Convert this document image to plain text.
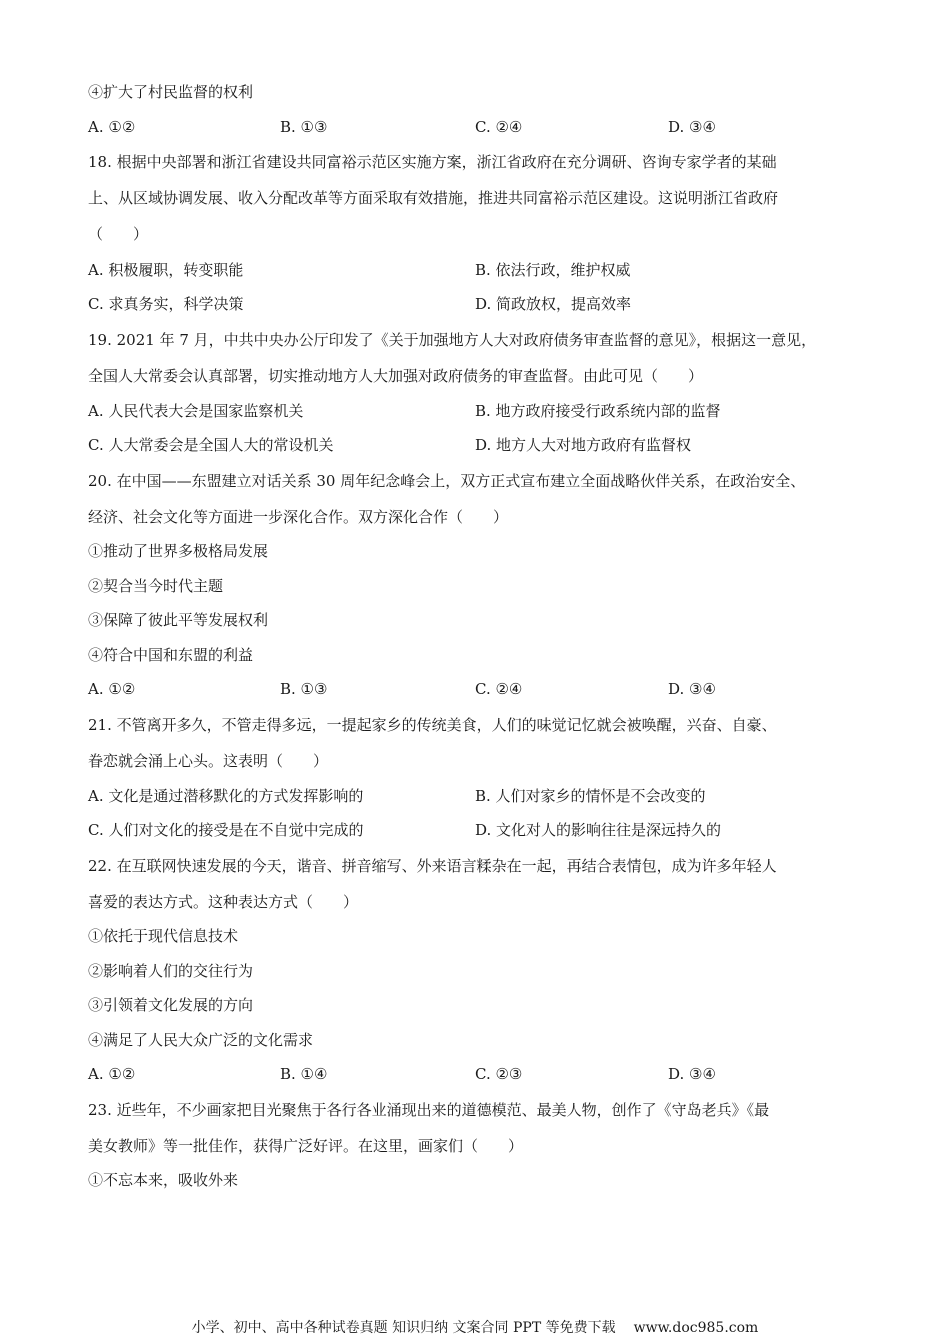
④扩大了村民监督的权利
A. ①②	B. ①③	C. ②④	D. ③④
18. 根据中央部署和浙江省建设共同富裕示范区实施方案，浙江省政府在充分调研、咨询专家学者的某础
上、从区域协调发展、收入分配改革等方面采取有效措施，推进共同富裕示范区建设。这说明浙江省政府
（　　）
A. 积极履职，转变职能	B. 依法行政，维护权威
C. 求真务实，科学决策	D. 简政放权，提高效率
19. 2021 年 7 月，中共中央办公厅印发了《关于加强地方人大对政府债务审查监督的意见》，根据这一意见，
全国人大常委会认真部署，切实推动地方人大加强对政府债务的审查监督。由此可见（　　）
A. 人民代表大会是国家监察机关	B. 地方政府接受行政系统内部的监督
C. 人大常委会是全国人大的常设机关	D. 地方人大对地方政府有监督权
20. 在中国——东盟建立对话关系 30 周年纪念峰会上，双方正式宣布建立全面战略伙伴关系，在政治安全、
经济、社会文化等方面进一步深化合作。双方深化合作（　　）
①推动了世界多极格局发展
②契合当今时代主题
③保障了彼此平等发展权利
④符合中国和东盟的利益
A. ①②	B. ①③	C. ②④	D. ③④
21. 不管离开多久，不管走得多远，一提起家乡的传统美食，人们的味觉记忆就会被唤醒，兴奋、自豪、
眷恋就会涌上心头。这表明（　　）
A. 文化是通过潜移默化的方式发挥影响的	B. 人们对家乡的情怀是不会改变的
C. 人们对文化的接受是在不自觉中完成的	D. 文化对人的影响往往是深远持久的
22. 在互联网快速发展的今天，谐音、拼音缩写、外来语言糅杂在一起，再结合表情包，成为许多年轻人
喜爱的表达方式。这种表达方式（　　）
①依托于现代信息技术
②影响着人们的交往行为
③引领着文化发展的方向
④满足了人民大众广泛的文化需求
A. ①②	B. ①④	C. ②③	D. ③④
23. 近些年，不少画家把目光聚焦于各行各业涌现出来的道德模范、最美人物，创作了《守岛老兵》《最
美女教师》等一批佳作，获得广泛好评。在这里，画家们（　　）
①不忘本来，吸收外来
小学、初中、高中各种试卷真题 知识归纳 文案合同 PPT 等免费下载 www.doc985.com
